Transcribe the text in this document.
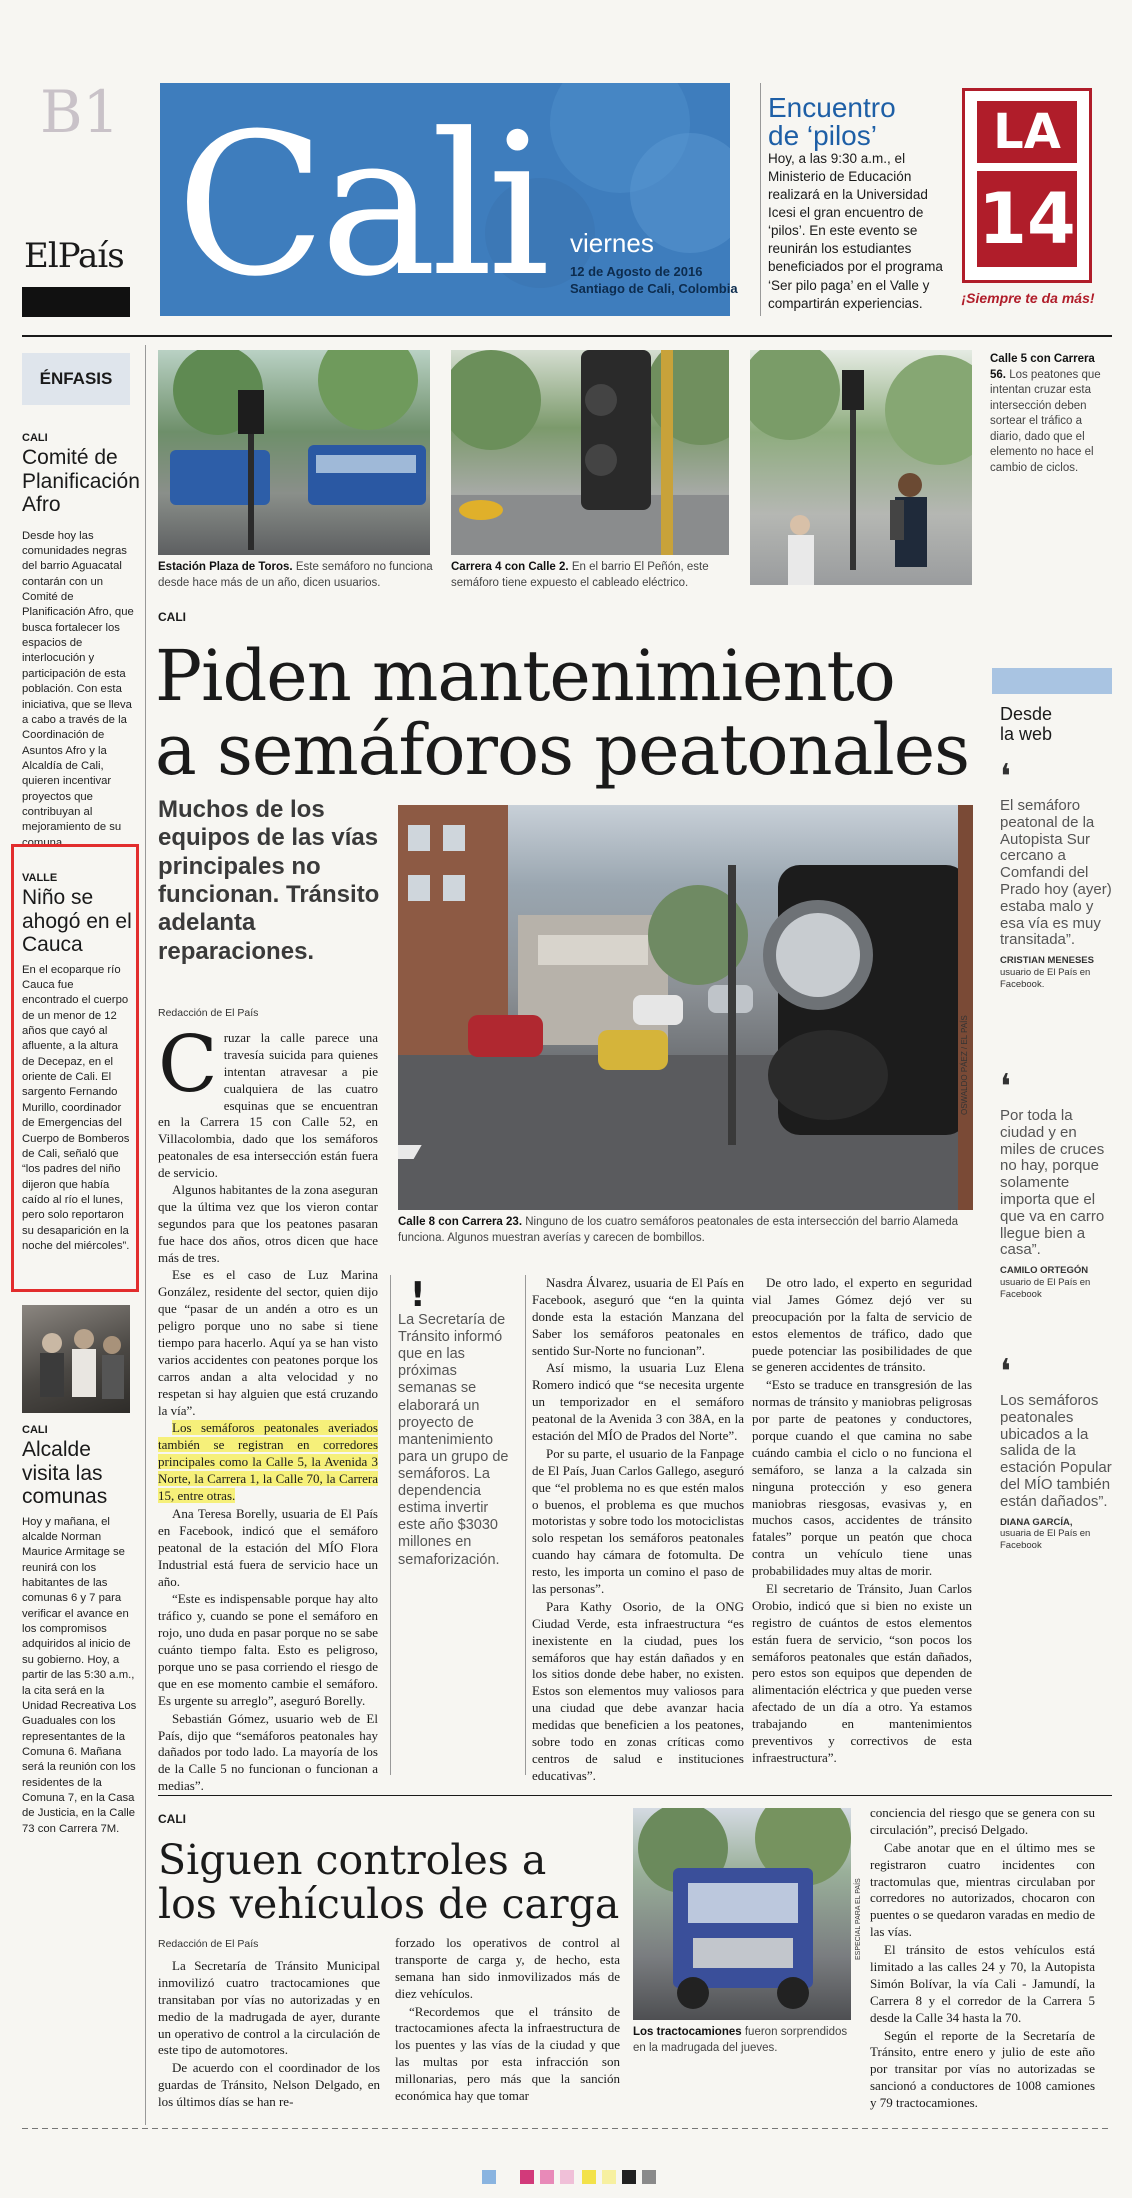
B1
ElPaís Cali viernes
12 de Agosto de 2016
Santiago de Cali, Colombia
Encuentro
de ‘pilos’
Hoy, a las 9:30 a.m., el Ministerio de Educación realizará en la Universidad Icesi el gran encuentro de ‘pilos’. En este evento se reunirán los estudiantes beneficiados por el programa ‘Ser pilo paga’ en el Valle y compartirán experiencias.
LA
14
¡Siempre te da más!
ÉNFASIS
CALI
Comité de Planificación Afro
Desde hoy las comunidades negras del barrio Aguacatal contarán con un Comité de Planificación Afro, que busca fortalecer los espacios de interlocución y participación de esta población. Con esta iniciativa, que se lleva a cabo a través de la Coordinación de Asuntos Afro y la Alcaldía de Cali, quieren incentivar proyectos que contribuyan al mejoramiento de su comuna.
VALLE
Niño se ahogó en el Cauca
En el ecoparque río Cauca fue encontrado el cuerpo de un menor de 12 años que cayó al afluente, a la altura de Decepaz, en el oriente de Cali. El sargento Fernando Murillo, coordinador de Emergencias del Cuerpo de Bomberos de Cali, señaló que “los padres del niño dijeron que había caído al río el lunes, pero solo reportaron su desaparición en la noche del miércoles”.
CALI
Alcalde visita las comunas
Hoy y mañana, el alcalde Norman Maurice Armitage se reunirá con los habitantes de las comunas 6 y 7 para verificar el avance en los compromisos adquiridos al inicio de su gobierno. Hoy, a partir de las 5:30 a.m., la cita será en la Unidad Recreativa Los Guaduales con los representantes de la Comuna 6. Mañana será la reunión con los residentes de la Comuna 7, en la Casa de Justicia, en la Calle 73 con Carrera 7M.
Estación Plaza de Toros. Este semáforo no funciona desde hace más de un año, dicen usuarios.
Carrera 4 con Calle 2. En el barrio El Peñón, este semáforo tiene expuesto el cableado eléctrico.
Calle 5 con Carrera 56. Los peatones que intentan cruzar esta intersección deben sortear el tráfico a diario, dado que el elemento no hace el cambio de ciclos.
CALI
Piden mantenimiento
a semáforos peatonales
Muchos de los equipos de las vías principales no funcionan. Tránsito adelanta reparaciones.
OSWALDO PÁEZ / EL PAÍS
Calle 8 con Carrera 23. Ninguno de los cuatro semáforos peatonales de esta intersección del barrio Alameda funciona. Algunos muestran averías y carecen de bombillos.
Redacción de El País
C ruzar la calle parece una travesía suicida para quienes intentan atravesar a pie cualquiera de las cuatro esquinas que se encuentran en la Carrera 15 con Calle 52, en Villacolombia, dado que los semáforos peatonales de esa intersección están fuera de servicio.

Algunos habitantes de la zona aseguran que la última vez que los vieron contar segundos para que los peatones pasaran fue hace dos años, otros dicen que hace más de tres.

Ese es el caso de Luz Marina González, residente del sector, quien dijo que “pasar de un andén a otro es un peligro porque uno no sabe si tiene tiempo para hacerlo. Aquí ya se han visto varios accidentes con peatones porque los carros andan a alta velocidad y no respetan si hay alguien que está cruzando la vía”.

Los semáforos peatonales averiados también se registran en corredores principales como la Calle 5, la Avenida 3 Norte, la Carrera 1, la Calle 70, la Carrera 15, entre otras.

Ana Teresa Borelly, usuaria de El País en Facebook, indicó que el semáforo peatonal de la estación del MÍO Flora Industrial está fuera de servicio hace un año.

“Este es indispensable porque hay alto tráfico y, cuando se pone el semáforo en rojo, uno duda en pasar porque no se sabe cuánto tiempo falta. Esto es peligroso, porque uno se pasa corriendo el riesgo de que en ese momento cambie el semáforo. Es urgente su arreglo”, aseguró Borelly.

Sebastián Gómez, usuario web de El País, dijo que “semáforos peatonales hay dañados por todo lado. La mayoría de los de la Calle 5 no funcionan o funcionan a medias”.

!
La Secretaría de Tránsito informó que en las próximas semanas se elaborará un proyecto de mantenimiento para un grupo de semáforos. La dependencia estima invertir este año $3030 millones en semaforización.

Nasdra Álvarez, usuaria de El País en Facebook, aseguró que “en la quinta donde esta la estación Manzana del Saber los semáforos peatonales en sentido Sur-Norte no funcionan”.

Así mismo, la usuaria Luz Elena Romero indicó que “se necesita urgente un temporizador en el semáforo peatonal de la Avenida 3 con 38A, en la estación del MÍO de Prados del Norte”.

Por su parte, el usuario de la Fanpage de El País, Juan Carlos Gallego, aseguró que “el problema no es que estén malos o buenos, el problema es que muchos motoristas y sobre todo los motociclistas solo respetan los semáforos peatonales cuando hay cámara de fotomulta. De resto, les importa un comino el paso de las personas”.

Para Kathy Osorio, de la ONG Ciudad Verde, esta infraestructura “es inexistente en la ciudad, pues los semáforos que hay están dañados y en los sitios donde debe haber, no existen. Estos son elementos muy valiosos para una ciudad que debe avanzar hacia medidas que beneficien a los peatones, sobre todo en zonas críticas como centros de salud e instituciones educativas”.

De otro lado, el experto en seguridad vial James Gómez dejó ver su preocupación por la falta de servicio de estos elementos de tráfico, dado que puede potenciar las posibilidades de que se generen accidentes de tránsito.

“Esto se traduce en transgresión de las normas de tránsito y maniobras peligrosas por parte de peatones y conductores, porque cuando el que camina no sabe cuándo cambia el ciclo o no funciona el semáforo, se lanza a la calzada sin ninguna protección y eso genera maniobras riesgosas, evasivas y, en muchos casos, accidentes de tránsito fatales” porque un peatón que choca contra un vehículo tiene unas probabilidades muy altas de morir.

El secretario de Tránsito, Juan Carlos Orobio, indicó que si bien no existe un registro de cuántos de estos elementos están fuera de servicio, “son pocos los semáforos peatonales que están dañados, pero estos son equipos que dependen de alimentación eléctrica y que pueden verse afectado de un día a otro. Ya estamos trabajando en mantenimientos preventivos y correctivos de esta infraestructura”.

Desde
la web
❛
El semáforo peatonal de la Autopista Sur cercano a Comfandi del Prado hoy (ayer) estaba malo y esa vía es muy transitada”.
CRISTIAN MENESES
usuario de El País en Facebook.
❛
Por toda la ciudad y en miles de cruces no hay, porque solamente importa que el que va en carro llegue bien a casa”.
CAMILO ORTEGÓN
usuario de El País en Facebook
❛
Los semáforos peatonales ubicados a la salida de la estación Popular del MÍO también están dañados”.
DIANA GARCÍA,
usuaria de El País en Facebook
CALI
Siguen controles a
los vehículos de carga
Redacción de El País

La Secretaría de Tránsito Municipal inmovilizó cuatro tractocamiones que transitaban por vías no autorizadas y en medio de la madrugada de ayer, durante un operativo de control a la circulación de este tipo de automotores.

De acuerdo con el coordinador de los guardas de Tránsito, Nelson Delgado, en los últimos días se han re-

forzado los operativos de control al transporte de carga y, de hecho, esta semana han sido inmovilizados más de diez vehículos.

“Recordemos que el tránsito de tractocamiones afecta la infraestructura de los puentes y las vías de la ciudad y que las multas por esta infracción son millonarias, pero más que la sanción económica hay que tomar

ESPECIAL PARA EL PAÍS
Los tractocamiones fueron sorprendidos en la madrugada del jueves.

conciencia del riesgo que se genera con su circulación”, precisó Delgado.

Cabe anotar que en el último mes se registraron cuatro incidentes con tractomulas que, mientras circulaban por corredores no autorizados, chocaron con puentes o se quedaron varadas en medio de las vías.

El tránsito de estos vehículos está limitado a las calles 24 y 70, la Autopista Simón Bolívar, la vía Cali - Jamundí, la Carrera 8 y el corredor de la Carrera 5 desde la Calle 34 hasta la 70.

Según el reporte de la Secretaría de Tránsito, entre enero y julio de este año por transitar por vías no autorizadas se sancionó a conductores de 1008 camiones y 79 tractocamiones.
